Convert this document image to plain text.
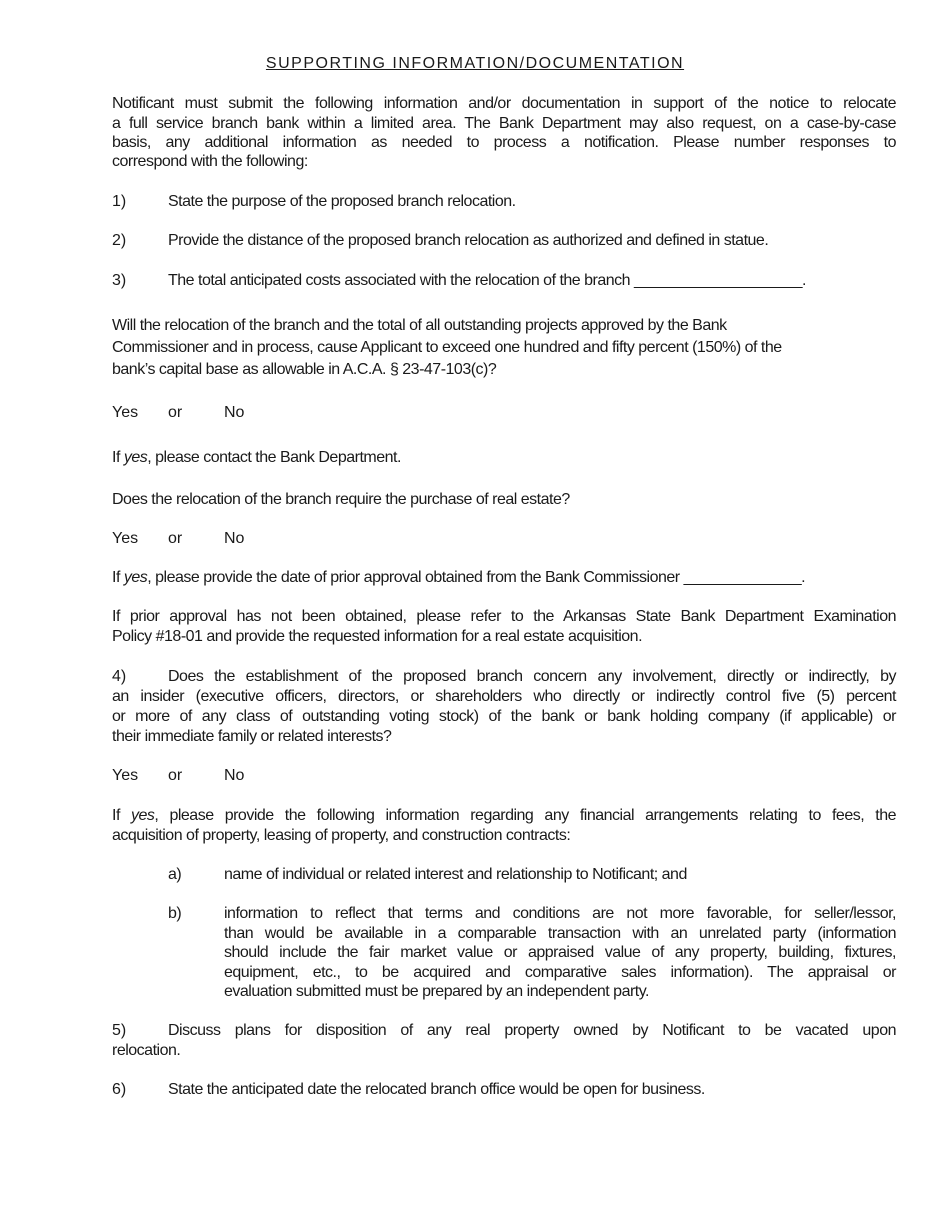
SUPPORTING INFORMATION/DOCUMENTATION
Notificant must submit the following information and/or documentation in support of the notice to relocate
a full service branch bank within a limited area. The Bank Department may also request, on a case-by-case
basis, any additional information as needed to process a notification. Please number responses to
correspond with the following:
1)	State the purpose of the proposed branch relocation.
2)	Provide the distance of the proposed branch relocation as authorized and defined in statue.
3)	The total anticipated costs associated with the relocation of the branch ____________________.
Will the relocation of the branch and the total of all outstanding projects approved by the Bank
Commissioner and in process, cause Applicant to exceed one hundred and fifty percent (150%) of the
bank’s capital base as allowable in A.C.A. § 23-47-103(c)?
Yes or	No
If yes, please contact the Bank Department.
Does the relocation of the branch require the purchase of real estate?
Yes or	No
If yes, please provide the date of prior approval obtained from the Bank Commissioner ______________.
If prior approval has not been obtained, please refer to the Arkansas State Bank Department Examination
Policy #18-01 and provide the requested information for a real estate acquisition.
4)	Does the establishment of the proposed branch concern any involvement, directly or indirectly, by
an insider (executive officers, directors, or shareholders who directly or indirectly control five (5) percent
or more of any class of outstanding voting stock) of the bank or bank holding company (if applicable) or
their immediate family or related interests?
Yes or	No
If yes, please provide the following information regarding any financial arrangements relating to fees, the
acquisition of property, leasing of property, and construction contracts:
a)	name of individual or related interest and relationship to Notificant; and
b)	information to reflect that terms and conditions are not more favorable, for seller/lessor,
than would be available in a comparable transaction with an unrelated party (information
should include the fair market value or appraised value of any property, building, fixtures,
equipment, etc., to be acquired and comparative sales information). The appraisal or
evaluation submitted must be prepared by an independent party.
5)	Discuss plans for disposition of any real property owned by Notificant to be vacated upon
relocation.
6)	State the anticipated date the relocated branch office would be open for business.
